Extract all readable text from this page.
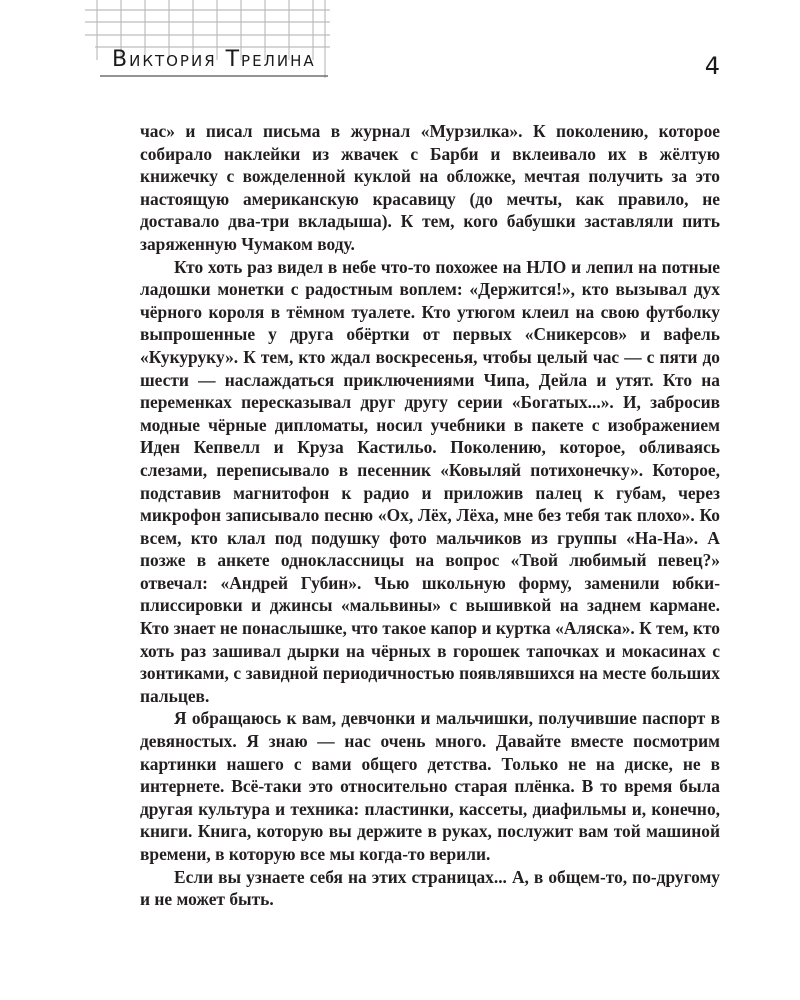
Виктория Трелина	4

час» и писал письма в журнал «Мурзилка». К поколению, которое собирало наклейки из жвачек с Барби и вклеивало их в жёлтую книжечку с вожделенной куклой на обложке, мечтая получить за это настоящую американскую красавицу (до мечты, как правило, не доставало два-три вкладыша). К тем, кого бабушки заставляли пить заряженную Чумаком воду.

Кто хоть раз видел в небе что-то похожее на НЛО и лепил на потные ладошки монетки с радостным воплем: «Держится!», кто вызывал дух чёрного короля в тёмном туалете. Кто утюгом клеил на свою футболку выпрошенные у друга обёртки от первых «Сникерсов» и вафель «Кукуруку». К тем, кто ждал воскресенья, чтобы целый час — с пяти до шести — наслаждаться приключениями Чипа, Дейла и утят. Кто на переменках пересказывал друг другу серии «Богатых...». И, забросив модные чёрные дипломаты, носил учебники в пакете с изображением Иден Кепвелл и Круза Кастильо. Поколению, которое, обливаясь слезами, переписывало в песенник «Ковыляй потихонечку». Которое, подставив магнитофон к радио и приложив палец к губам, через микрофон записывало песню «Ох, Лёх, Лёха, мне без тебя так плохо». Ко всем, кто клал под подушку фото мальчиков из группы «На-На». А позже в анкете одноклассницы на вопрос «Твой любимый певец?» отвечал: «Андрей Губин». Чью школьную форму, заменили юбки-плиссировки и джинсы «мальвины» с вышивкой на заднем кармане. Кто знает не понаслышке, что такое капор и куртка «Аляска». К тем, кто хоть раз зашивал дырки на чёрных в горошек тапочках и мокасинах с зонтиками, с завидной периодичностью появлявшихся на месте больших пальцев.

Я обращаюсь к вам, девчонки и мальчишки, получившие паспорт в девяностых. Я знаю — нас очень много. Давайте вместе посмотрим картинки нашего с вами общего детства. Только не на диске, не в интернете. Всё-таки это относительно старая плёнка. В то время была другая культура и техника: пластинки, кассеты, диафильмы и, конечно, книги. Книга, которую вы держите в руках, послужит вам той машиной времени, в которую все мы когда-то верили.

Если вы узнаете себя на этих страницах... А, в общем-то, по-другому и не может быть.
